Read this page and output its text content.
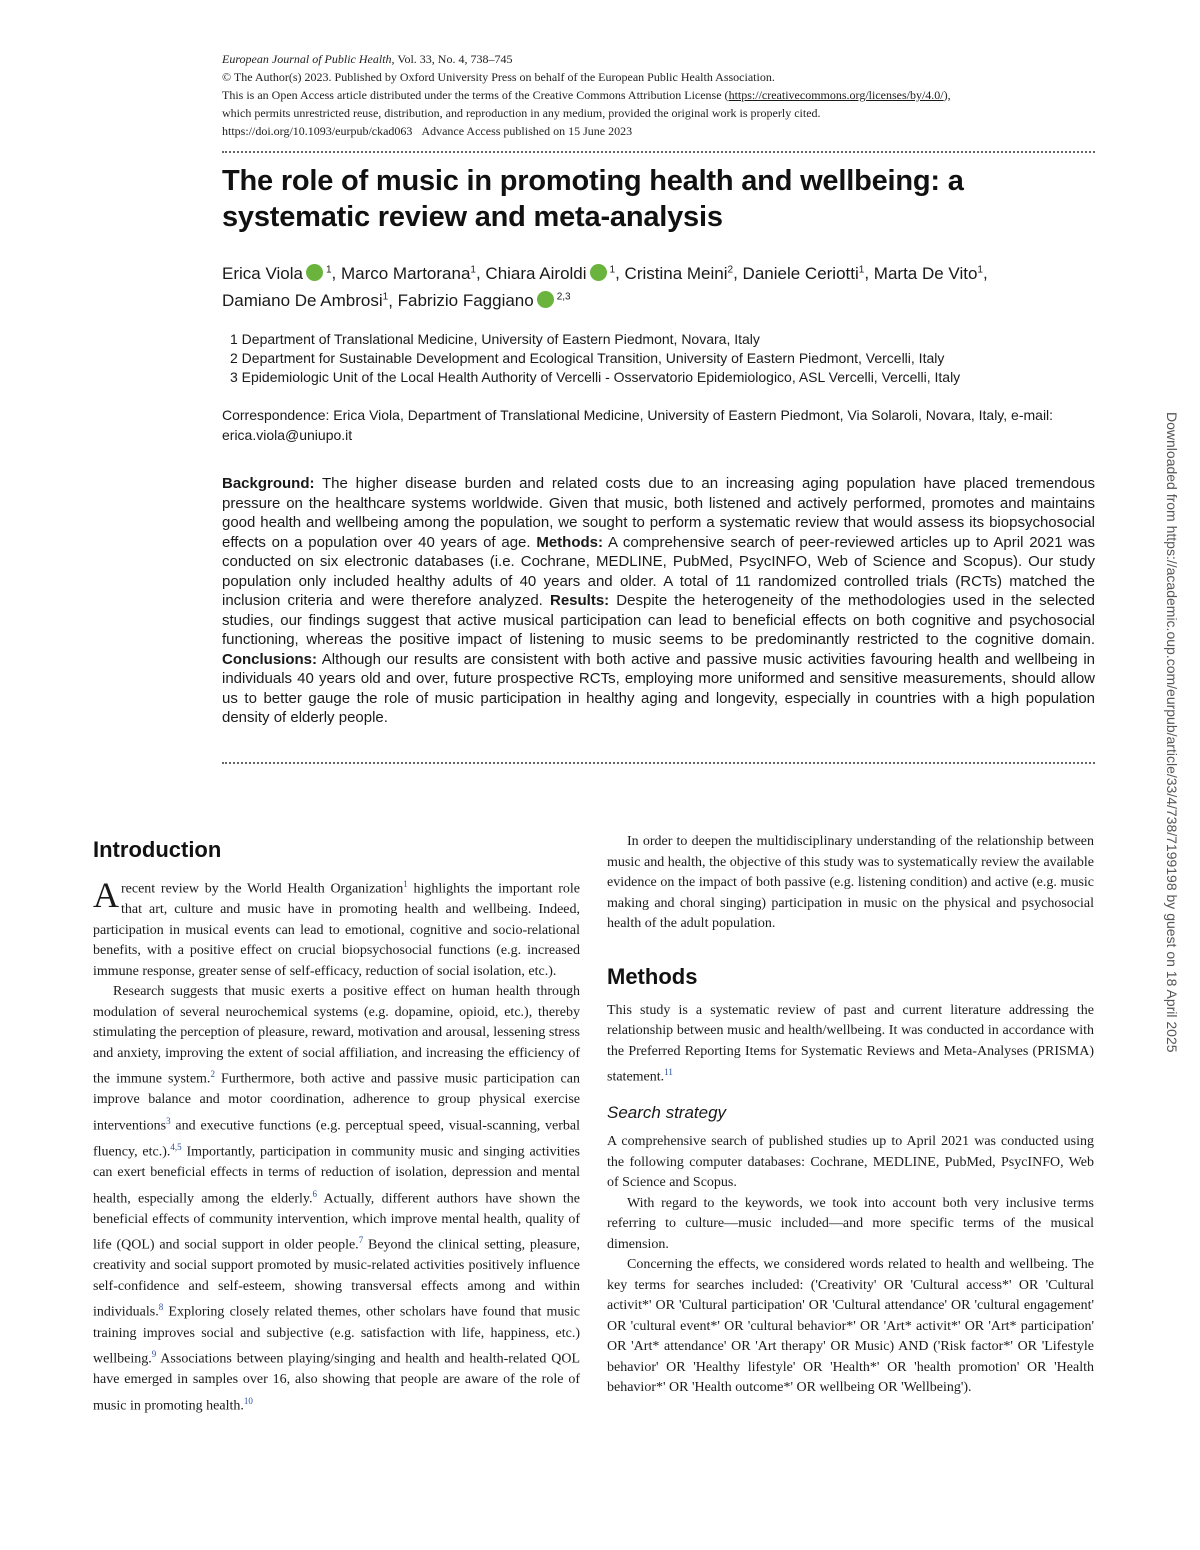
European Journal of Public Health, Vol. 33, No. 4, 738–745
© The Author(s) 2023. Published by Oxford University Press on behalf of the European Public Health Association.
This is an Open Access article distributed under the terms of the Creative Commons Attribution License (https://creativecommons.org/licenses/by/4.0/),
which permits unrestricted reuse, distribution, and reproduction in any medium, provided the original work is properly cited.
https://doi.org/10.1093/eurpub/ckad063 Advance Access published on 15 June 2023
The role of music in promoting health and wellbeing: a systematic review and meta-analysis
Erica Viola $^1$, Marco Martorana$^1$, Chiara Airoldi $^1$, Cristina Meini$^2$, Daniele Ceriotti$^1$, Marta De Vito$^1$, Damiano De Ambrosi$^1$, Fabrizio Faggiano $^{2,3}$
1 Department of Translational Medicine, University of Eastern Piedmont, Novara, Italy
2 Department for Sustainable Development and Ecological Transition, University of Eastern Piedmont, Vercelli, Italy
3 Epidemiologic Unit of the Local Health Authority of Vercelli - Osservatorio Epidemiologico, ASL Vercelli, Vercelli, Italy
Correspondence: Erica Viola, Department of Translational Medicine, University of Eastern Piedmont, Via Solaroli, Novara, Italy, e-mail: erica.viola@uniupo.it
Background: The higher disease burden and related costs due to an increasing aging population have placed tremendous pressure on the healthcare systems worldwide. Given that music, both listened and actively performed, promotes and maintains good health and wellbeing among the population, we sought to perform a systematic review that would assess its biopsychosocial effects on a population over 40 years of age. Methods: A comprehensive search of peer-reviewed articles up to April 2021 was conducted on six electronic databases (i.e. Cochrane, MEDLINE, PubMed, PsycINFO, Web of Science and Scopus). Our study population only included healthy adults of 40 years and older. A total of 11 randomized controlled trials (RCTs) matched the inclusion criteria and were therefore analyzed. Results: Despite the heterogeneity of the methodologies used in the selected studies, our findings suggest that active musical participation can lead to beneficial effects on both cognitive and psychosocial functioning, whereas the positive impact of listening to music seems to be predominantly restricted to the cognitive domain. Conclusions: Although our results are consistent with both active and passive music activities favouring health and wellbeing in individuals 40 years old and over, future prospective RCTs, employing more uniformed and sensitive measurements, should allow us to better gauge the role of music participation in healthy aging and longevity, especially in countries with a high population density of elderly people.	Downloaded from https://academic.oup.com/eurpub/article/33/4/738/7199198 by guest on 18 April 2025
Introduction

A recent review by the World Health Organization$^1$ highlights the important role that art, culture and music have in promoting health and wellbeing. Indeed, participation in musical events can lead to emotional, cognitive and socio-relational benefits, with a positive effect on crucial biopsychosocial functions (e.g. increased immune response, greater sense of self-efficacy, reduction of social isolation, etc.).

Research suggests that music exerts a positive effect on human health through modulation of several neurochemical systems (e.g. dopamine, opioid, etc.), thereby stimulating the perception of pleasure, reward, motivation and arousal, lessening stress and anxiety, improving the extent of social affiliation, and increasing the efficiency of the immune system.$^2$ Furthermore, both active and passive music participation can improve balance and motor coordination, adherence to group physical exercise interventions$^3$ and executive functions (e.g. perceptual speed, visual-scanning, verbal fluency, etc.).$^{4,5}$ Importantly, participation in community music and singing activities can exert beneficial effects in terms of reduction of isolation, depression and mental health, especially among the elderly.$^6$ Actually, different authors have shown the beneficial effects of community intervention, which improve mental health, quality of life (QOL) and social support in older people.$^7$ Beyond the clinical setting, pleasure, creativity and social support promoted by music-related activities positively influence self-confidence and self-esteem, showing transversal effects among and within individuals.$^8$ Exploring closely related themes, other scholars have found that music training improves social and subjective (e.g. satisfaction with life, happiness, etc.) wellbeing.$^9$ Associations between playing/singing and health and health-related QOL have emerged in samples over 16, also showing that people are aware of the role of music in promoting health.$^{10}$

In order to deepen the multidisciplinary understanding of the relationship between music and health, the objective of this study was to systematically review the available evidence on the impact of both passive (e.g. listening condition) and active (e.g. music making and choral singing) participation in music on the physical and psychosocial health of the adult population.

Methods

This study is a systematic review of past and current literature addressing the relationship between music and health/wellbeing. It was conducted in accordance with the Preferred Reporting Items for Systematic Reviews and Meta-Analyses (PRISMA) statement.$^{11}$

Search strategy

A comprehensive search of published studies up to April 2021 was conducted using the following computer databases: Cochrane, MEDLINE, PubMed, PsycINFO, Web of Science and Scopus.

With regard to the keywords, we took into account both very inclusive terms referring to culture—music included—and more specific terms of the musical dimension.

Concerning the effects, we considered words related to health and wellbeing. The key terms for searches included: ('Creativity' OR 'Cultural access*' OR 'Cultural activit*' OR 'Cultural participation' OR 'Cultural attendance' OR 'cultural engagement' OR 'cultural event*' OR 'cultural behavior*' OR 'Art* activit*' OR 'Art* participation' OR 'Art* attendance' OR 'Art therapy' OR Music) AND ('Risk factor*' OR 'Lifestyle behavior' OR 'Healthy lifestyle' OR 'Health*' OR 'health promotion' OR 'Health behavior*' OR 'Health outcome*' OR wellbeing OR 'Wellbeing').
